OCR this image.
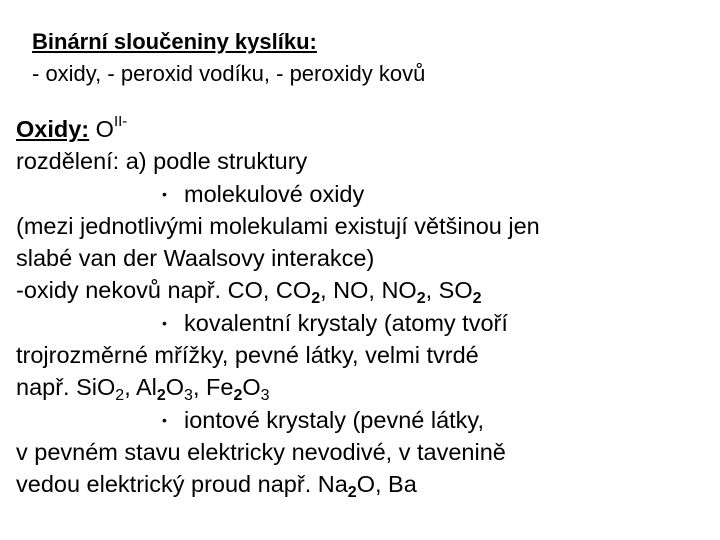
Binární sloučeniny kyslíku:
- oxidy, - peroxid vodíku, - peroxidy kovů
Oxidy: $O^{II-}$
rozdělení: a) podle struktury
• molekulové oxidy
(mezi jednotlivými molekulami existují většinou jen
slabé van der Waalsovy interakce)
-oxidy nekovů např. CO, $CO_2$, NO, $NO_2$, $SO_2$
• kovalentní krystaly (atomy tvoří
trojrozměrné mřížky, pevné látky, velmi tvrdé
např. SiO$_2$, $Al_2O_3$, $Fe_2O_3$
• iontové krystaly (pevné látky,
v pevném stavu elektricky nevodivé, v tavenině
vedou elektrický proud např. $Na_2O$, Ba
